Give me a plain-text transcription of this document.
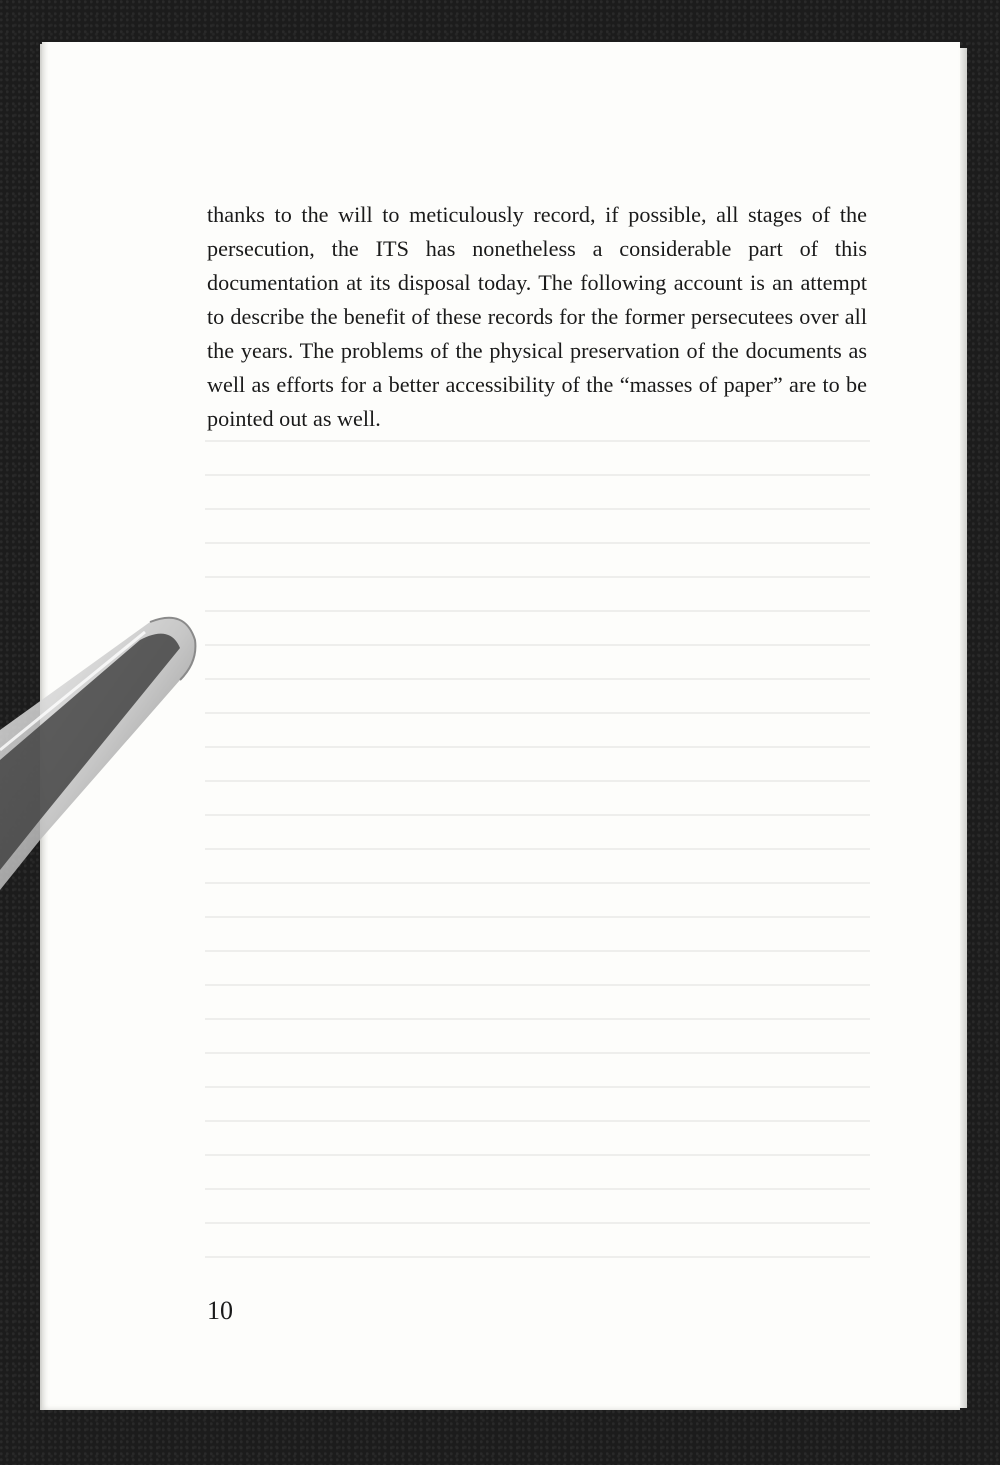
thanks to the will to meticulously record, if possible, all stages of the persecution, the ITS has nonetheless a considerable part of this documentation at its disposal today. The following account is an attempt to describe the benefit of these records for the former persecutees over all the years. The problems of the physical preservation of the documents as well as efforts for a better accessibility of the “masses of paper” are to be pointed out as well.

10
